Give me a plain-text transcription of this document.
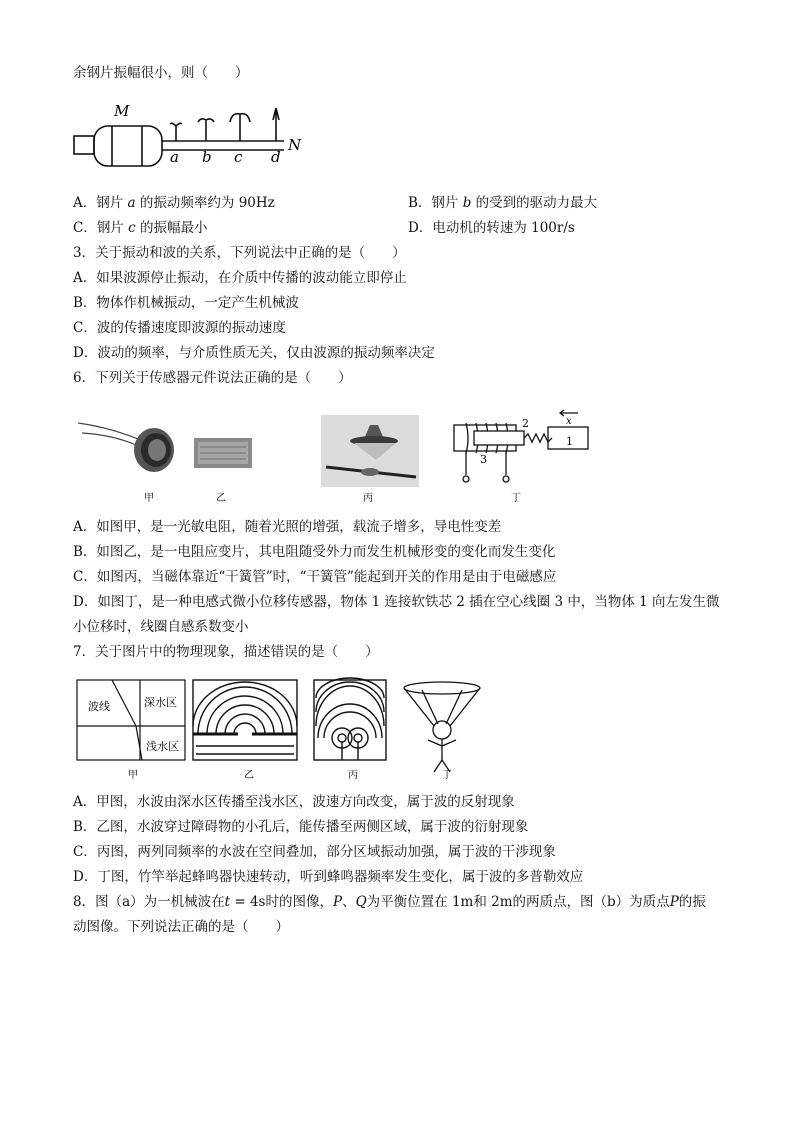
余钢片振幅很小，则（　　）
M
a b c d
N
A．钢片 a 的振动频率约为 90Hz	B．钢片 b 的受到的驱动力最大
C．钢片 c 的振幅最小	D．电动机的转速为 100r/s
3．关于振动和波的关系，下列说法中正确的是（　　）
A．如果波源停止振动，在介质中传播的波动能立即停止
B．物体作机械振动，一定产生机械波
C．波的传播速度即波源的振动速度
D．波动的频率，与介质性质无关，仅由波源的振动频率决定
6．下列关于传感器元件说法正确的是（　　）
2
3
1
x
甲	乙	丙	丁
A．如图甲，是一光敏电阻，随着光照的增强，载流子增多，导电性变差
B．如图乙，是一电阻应变片，其电阻随受外力而发生机械形变的变化而发生变化
C．如图丙，当磁体靠近“干簧管”时，“干簧管”能起到开关的作用是由于电磁感应
D．如图丁，是一种电感式微小位移传感器，物体 1 连接软铁芯 2 插在空心线圈 3 中，当物体 1 向左发生微
小位移时，线圈自感系数变小
7．关于图片中的物理现象，描述错误的是（　　）
波线	深水区
浅水区
甲	乙	丙	丁
A．甲图，水波由深水区传播至浅水区，波速方向改变，属于波的反射现象
B．乙图，水波穿过障碍物的小孔后，能传播至两侧区域，属于波的衍射现象
C．丙图，两列同频率的水波在空间叠加，部分区域振动加强，属于波的干涉现象
D．丁图，竹竿举起蜂鸣器快速转动，听到蜂鸣器频率发生变化，属于波的多普勒效应
8．图（a）为一机械波在t = 4s时的图像，P、Q为平衡位置在 1m和 2m的两质点，图（b）为质点P的振
动图像。下列说法正确的是（　　）
